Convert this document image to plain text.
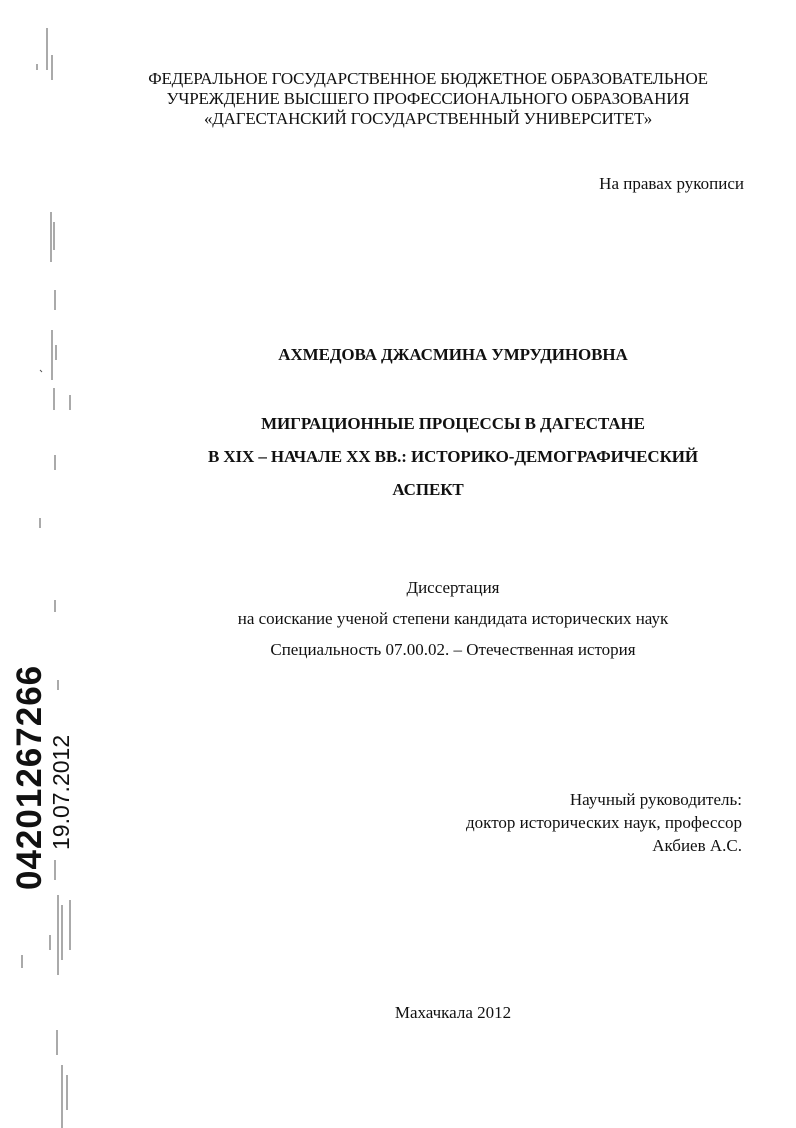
ФЕДЕРАЛЬНОЕ ГОСУДАРСТВЕННОЕ БЮДЖЕТНОЕ ОБРАЗОВАТЕЛЬНОЕ
УЧРЕЖДЕНИЕ ВЫСШЕГО ПРОФЕССИОНАЛЬНОГО ОБРАЗОВАНИЯ
«ДАГЕСТАНСКИЙ ГОСУДАРСТВЕННЫЙ УНИВЕРСИТЕТ»
На правах рукописи
АХМЕДОВА ДЖАСМИНА УМРУДИНОВНА
МИГРАЦИОННЫЕ ПРОЦЕССЫ В ДАГЕСТАНЕ
В XIX – НАЧАЛЕ XX ВВ.: ИСТОРИКО-ДЕМОГРАФИЧЕСКИЙ
АСПЕКТ
Диссертация
на соискание ученой степени кандидата исторических наук
Специальность 07.00.02. – Отечественная история
Научный руководитель:
доктор исторических наук, профессор
Акбиев А.С.
Махачкала 2012
04201267266 19.07.2012
